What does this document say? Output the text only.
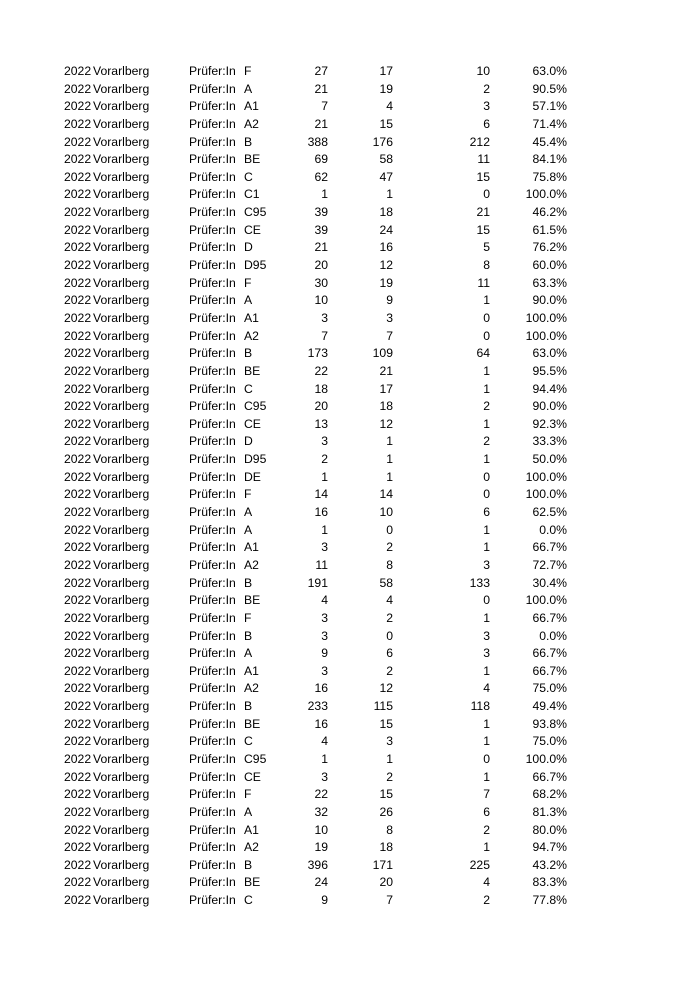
2022 Vorarlberg	Prüfer:In F	27	17	10	63.0%
2022 Vorarlberg	Prüfer:In A	21	19	2	90.5%
2022 Vorarlberg	Prüfer:In A1	7	4	3	57.1%
2022 Vorarlberg	Prüfer:In A2	21	15	6	71.4%
2022 Vorarlberg	Prüfer:In B	388	176	212	45.4%
2022 Vorarlberg	Prüfer:In BE	69	58	11	84.1%
2022 Vorarlberg	Prüfer:In C	62	47	15	75.8%
2022 Vorarlberg	Prüfer:In C1	1	1	0	100.0%
2022 Vorarlberg	Prüfer:In C95	39	18	21	46.2%
2022 Vorarlberg	Prüfer:In CE	39	24	15	61.5%
2022 Vorarlberg	Prüfer:In D	21	16	5	76.2%
2022 Vorarlberg	Prüfer:In D95	20	12	8	60.0%
2022 Vorarlberg	Prüfer:In F	30	19	11	63.3%
2022 Vorarlberg	Prüfer:In A	10	9	1	90.0%
2022 Vorarlberg	Prüfer:In A1	3	3	0	100.0%
2022 Vorarlberg	Prüfer:In A2	7	7	0	100.0%
2022 Vorarlberg	Prüfer:In B	173	109	64	63.0%
2022 Vorarlberg	Prüfer:In BE	22	21	1	95.5%
2022 Vorarlberg	Prüfer:In C	18	17	1	94.4%
2022 Vorarlberg	Prüfer:In C95	20	18	2	90.0%
2022 Vorarlberg	Prüfer:In CE	13	12	1	92.3%
2022 Vorarlberg	Prüfer:In D	3	1	2	33.3%
2022 Vorarlberg	Prüfer:In D95	2	1	1	50.0%
2022 Vorarlberg	Prüfer:In DE	1	1	0	100.0%
2022 Vorarlberg	Prüfer:In F	14	14	0	100.0%
2022 Vorarlberg	Prüfer:In A	16	10	6	62.5%
2022 Vorarlberg	Prüfer:In A	1	0	1	0.0%
2022 Vorarlberg	Prüfer:In A1	3	2	1	66.7%
2022 Vorarlberg	Prüfer:In A2	11	8	3	72.7%
2022 Vorarlberg	Prüfer:In B	191	58	133	30.4%
2022 Vorarlberg	Prüfer:In BE	4	4	0	100.0%
2022 Vorarlberg	Prüfer:In F	3	2	1	66.7%
2022 Vorarlberg	Prüfer:In B	3	0	3	0.0%
2022 Vorarlberg	Prüfer:In A	9	6	3	66.7%
2022 Vorarlberg	Prüfer:In A1	3	2	1	66.7%
2022 Vorarlberg	Prüfer:In A2	16	12	4	75.0%
2022 Vorarlberg	Prüfer:In B	233	115	118	49.4%
2022 Vorarlberg	Prüfer:In BE	16	15	1	93.8%
2022 Vorarlberg	Prüfer:In C	4	3	1	75.0%
2022 Vorarlberg	Prüfer:In C95	1	1	0	100.0%
2022 Vorarlberg	Prüfer:In CE	3	2	1	66.7%
2022 Vorarlberg	Prüfer:In F	22	15	7	68.2%
2022 Vorarlberg	Prüfer:In A	32	26	6	81.3%
2022 Vorarlberg	Prüfer:In A1	10	8	2	80.0%
2022 Vorarlberg	Prüfer:In A2	19	18	1	94.7%
2022 Vorarlberg	Prüfer:In B	396	171	225	43.2%
2022 Vorarlberg	Prüfer:In BE	24	20	4	83.3%
2022 Vorarlberg	Prüfer:In C	9	7	2	77.8%
